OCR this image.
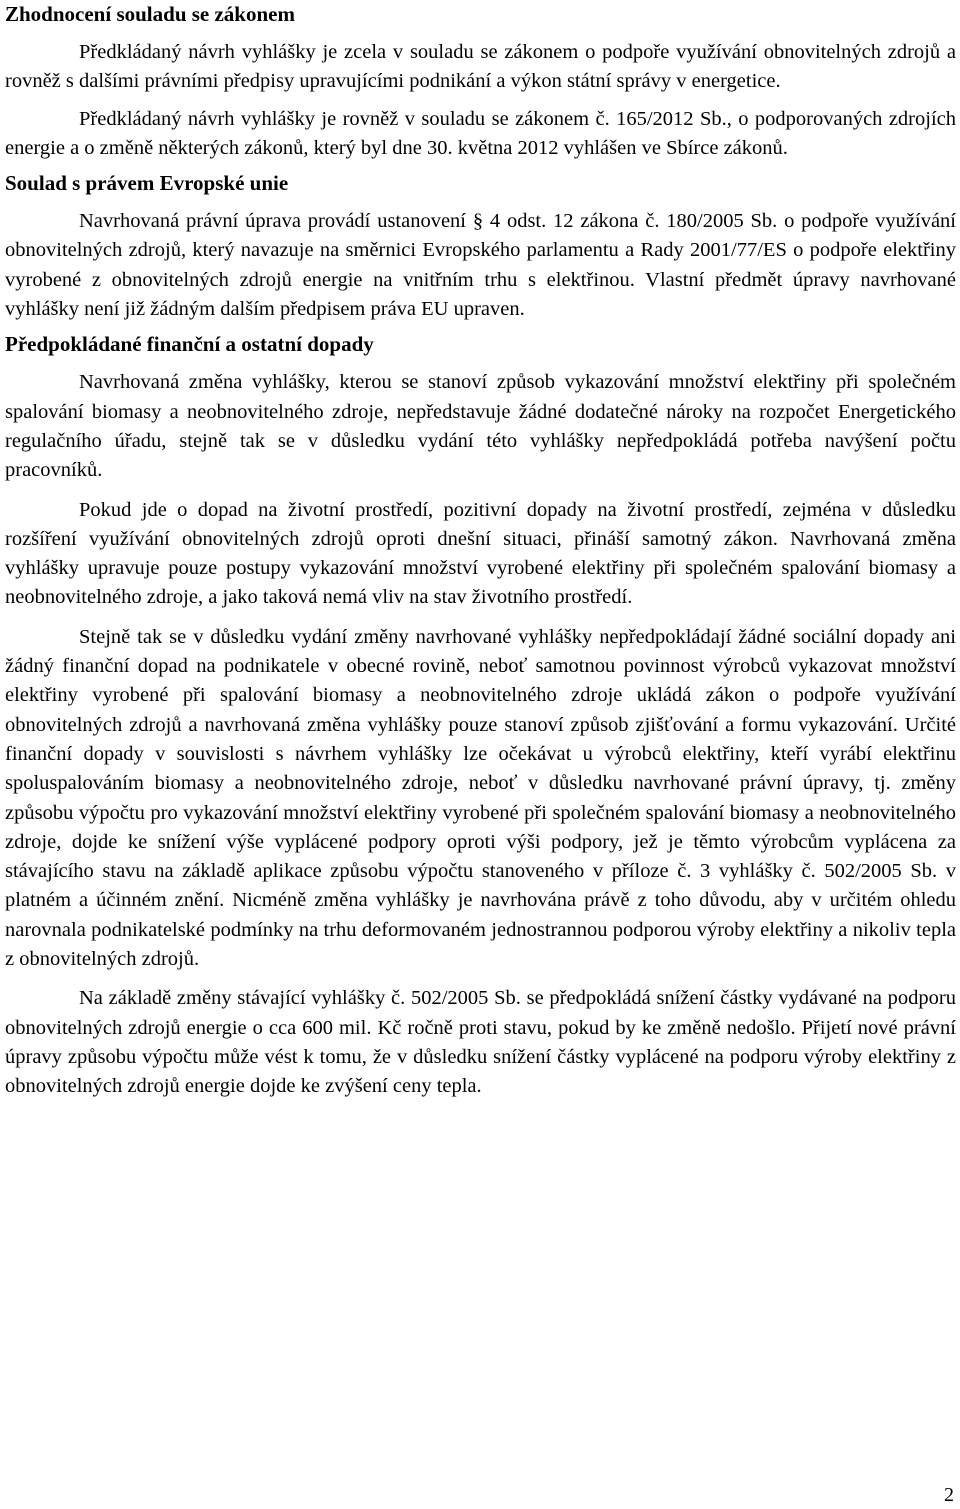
Zhodnocení souladu se zákonem

Předkládaný návrh vyhlášky je zcela v souladu se zákonem o podpoře využívání obnovitelných zdrojů a rovněž s dalšími právními předpisy upravujícími podnikání a výkon státní správy v energetice.

Předkládaný návrh vyhlášky je rovněž v souladu se zákonem č. 165/2012 Sb., o podporovaných zdrojích energie a o změně některých zákonů, který byl dne 30. května 2012 vyhlášen ve Sbírce zákonů.

Soulad s právem Evropské unie

Navrhovaná právní úprava provádí ustanovení § 4 odst. 12 zákona č. 180/2005 Sb. o podpoře využívání obnovitelných zdrojů, který navazuje na směrnici Evropského parlamentu a Rady 2001/77/ES o podpoře elektřiny vyrobené z obnovitelných zdrojů energie na vnitřním trhu s elektřinou. Vlastní předmět úpravy navrhované vyhlášky není již žádným dalším předpisem práva EU upraven.

Předpokládané finanční a ostatní dopady

Navrhovaná změna vyhlášky, kterou se stanoví způsob vykazování množství elektřiny při společném spalování biomasy a neobnovitelného zdroje, nepředstavuje žádné dodatečné nároky na rozpočet Energetického regulačního úřadu, stejně tak se v důsledku vydání této vyhlášky nepředpokládá potřeba navýšení počtu pracovníků.

Pokud jde o dopad na životní prostředí, pozitivní dopady na životní prostředí, zejména v důsledku rozšíření využívání obnovitelných zdrojů oproti dnešní situaci, přináší samotný zákon. Navrhovaná změna vyhlášky upravuje pouze postupy vykazování množství vyrobené elektřiny při společném spalování biomasy a neobnovitelného zdroje, a jako taková nemá vliv na stav životního prostředí.

Stejně tak se v důsledku vydání změny navrhované vyhlášky nepředpokládají žádné sociální dopady ani žádný finanční dopad na podnikatele v obecné rovině, neboť samotnou povinnost výrobců vykazovat množství elektřiny vyrobené při spalování biomasy a neobnovitelného zdroje ukládá zákon o podpoře využívání obnovitelných zdrojů a navrhovaná změna vyhlášky pouze stanoví způsob zjišťování a formu vykazování. Určité finanční dopady v souvislosti s návrhem vyhlášky lze očekávat u výrobců elektřiny, kteří vyrábí elektřinu spoluspalováním biomasy a neobnovitelného zdroje, neboť v důsledku navrhované právní úpravy, tj. změny způsobu výpočtu pro vykazování množství elektřiny vyrobené při společném spalování biomasy a neobnovitelného zdroje, dojde ke snížení výše vyplácené podpory oproti výši podpory, jež je těmto výrobcům vyplácena za stávajícího stavu na základě aplikace způsobu výpočtu stanoveného v příloze č. 3 vyhlášky č. 502/2005 Sb. v platném a účinném znění. Nicméně změna vyhlášky je navrhována právě z toho důvodu, aby v určitém ohledu narovnala podnikatelské podmínky na trhu deformovaném jednostrannou podporou výroby elektřiny a nikoliv tepla z obnovitelných zdrojů.

Na základě změny stávající vyhlášky č. 502/2005 Sb. se předpokládá snížení částky vydávané na podporu obnovitelných zdrojů energie o cca 600 mil. Kč ročně proti stavu, pokud by ke změně nedošlo. Přijetí nové právní úpravy způsobu výpočtu může vést k tomu, že v důsledku snížení částky vyplácené na podporu výroby elektřiny z obnovitelných zdrojů energie dojde ke zvýšení ceny tepla.

2
